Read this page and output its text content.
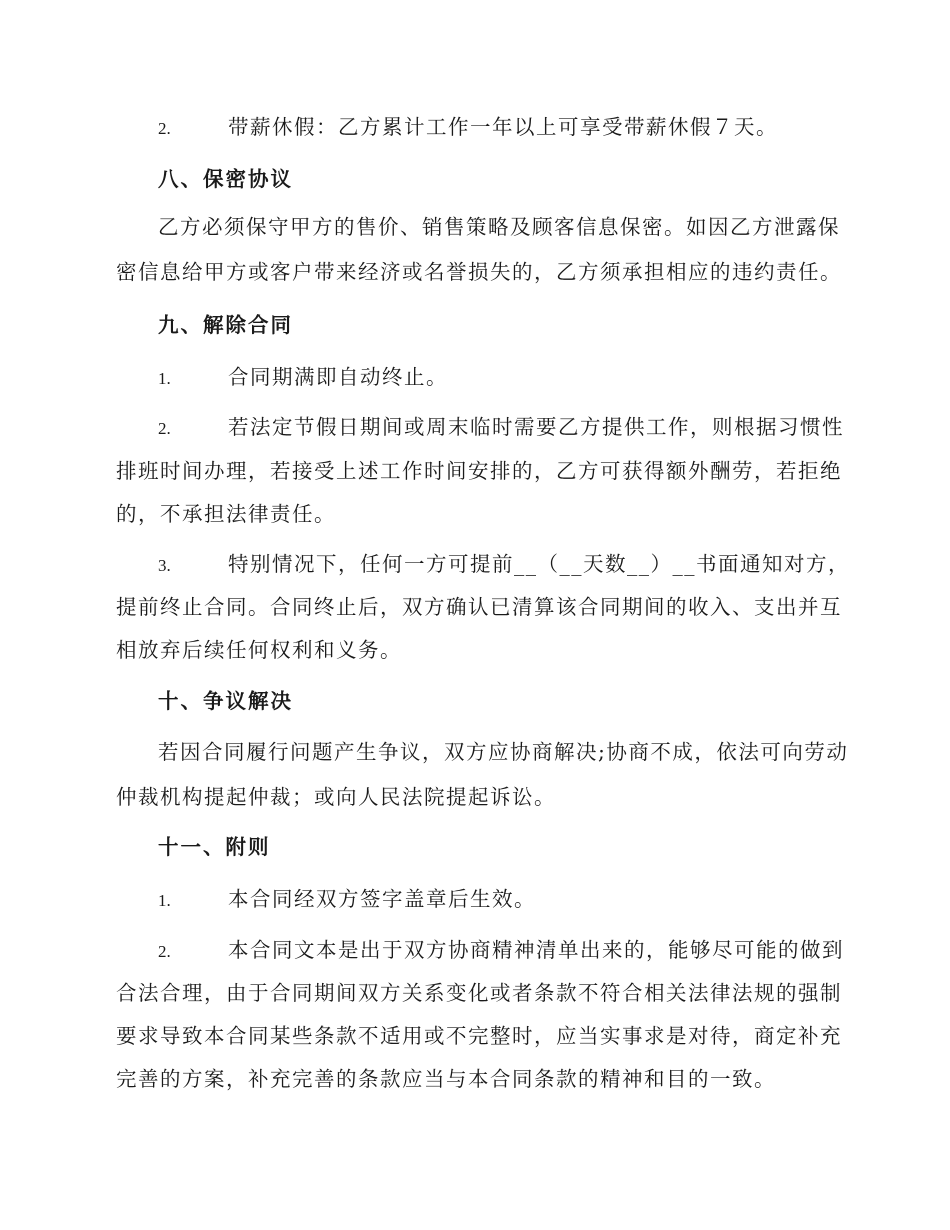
2.	带薪休假：乙方累计工作一年以上可享受带薪休假７天。
八、保密协议
乙方必须保守甲方的售价、销售策略及顾客信息保密。如因乙方泄露保
密信息给甲方或客户带来经济或名誉损失的，乙方须承担相应的违约责任。
九、解除合同
1.	合同期满即自动终止。
2.	若法定节假日期间或周末临时需要乙方提供工作，则根据习惯性
排班时间办理，若接受上述工作时间安排的，乙方可获得额外酬劳，若拒绝
的，不承担法律责任。
3.	特别情况下，任何一方可提前__（__天数__）__书面通知对方，
提前终止合同。合同终止后，双方确认已清算该合同期间的收入、支出并互
相放弃后续任何权利和义务。
十、争议解决
若因合同履行问题产生争议，双方应协商解决;协商不成，依法可向劳动
仲裁机构提起仲裁；或向人民法院提起诉讼。
十一、附则
1.	本合同经双方签字盖章后生效。
2.	本合同文本是出于双方协商精神清单出来的，能够尽可能的做到
合法合理，由于合同期间双方关系变化或者条款不符合相关法律法规的强制
要求导致本合同某些条款不适用或不完整时，应当实事求是对待，商定补充
完善的方案，补充完善的条款应当与本合同条款的精神和目的一致。
